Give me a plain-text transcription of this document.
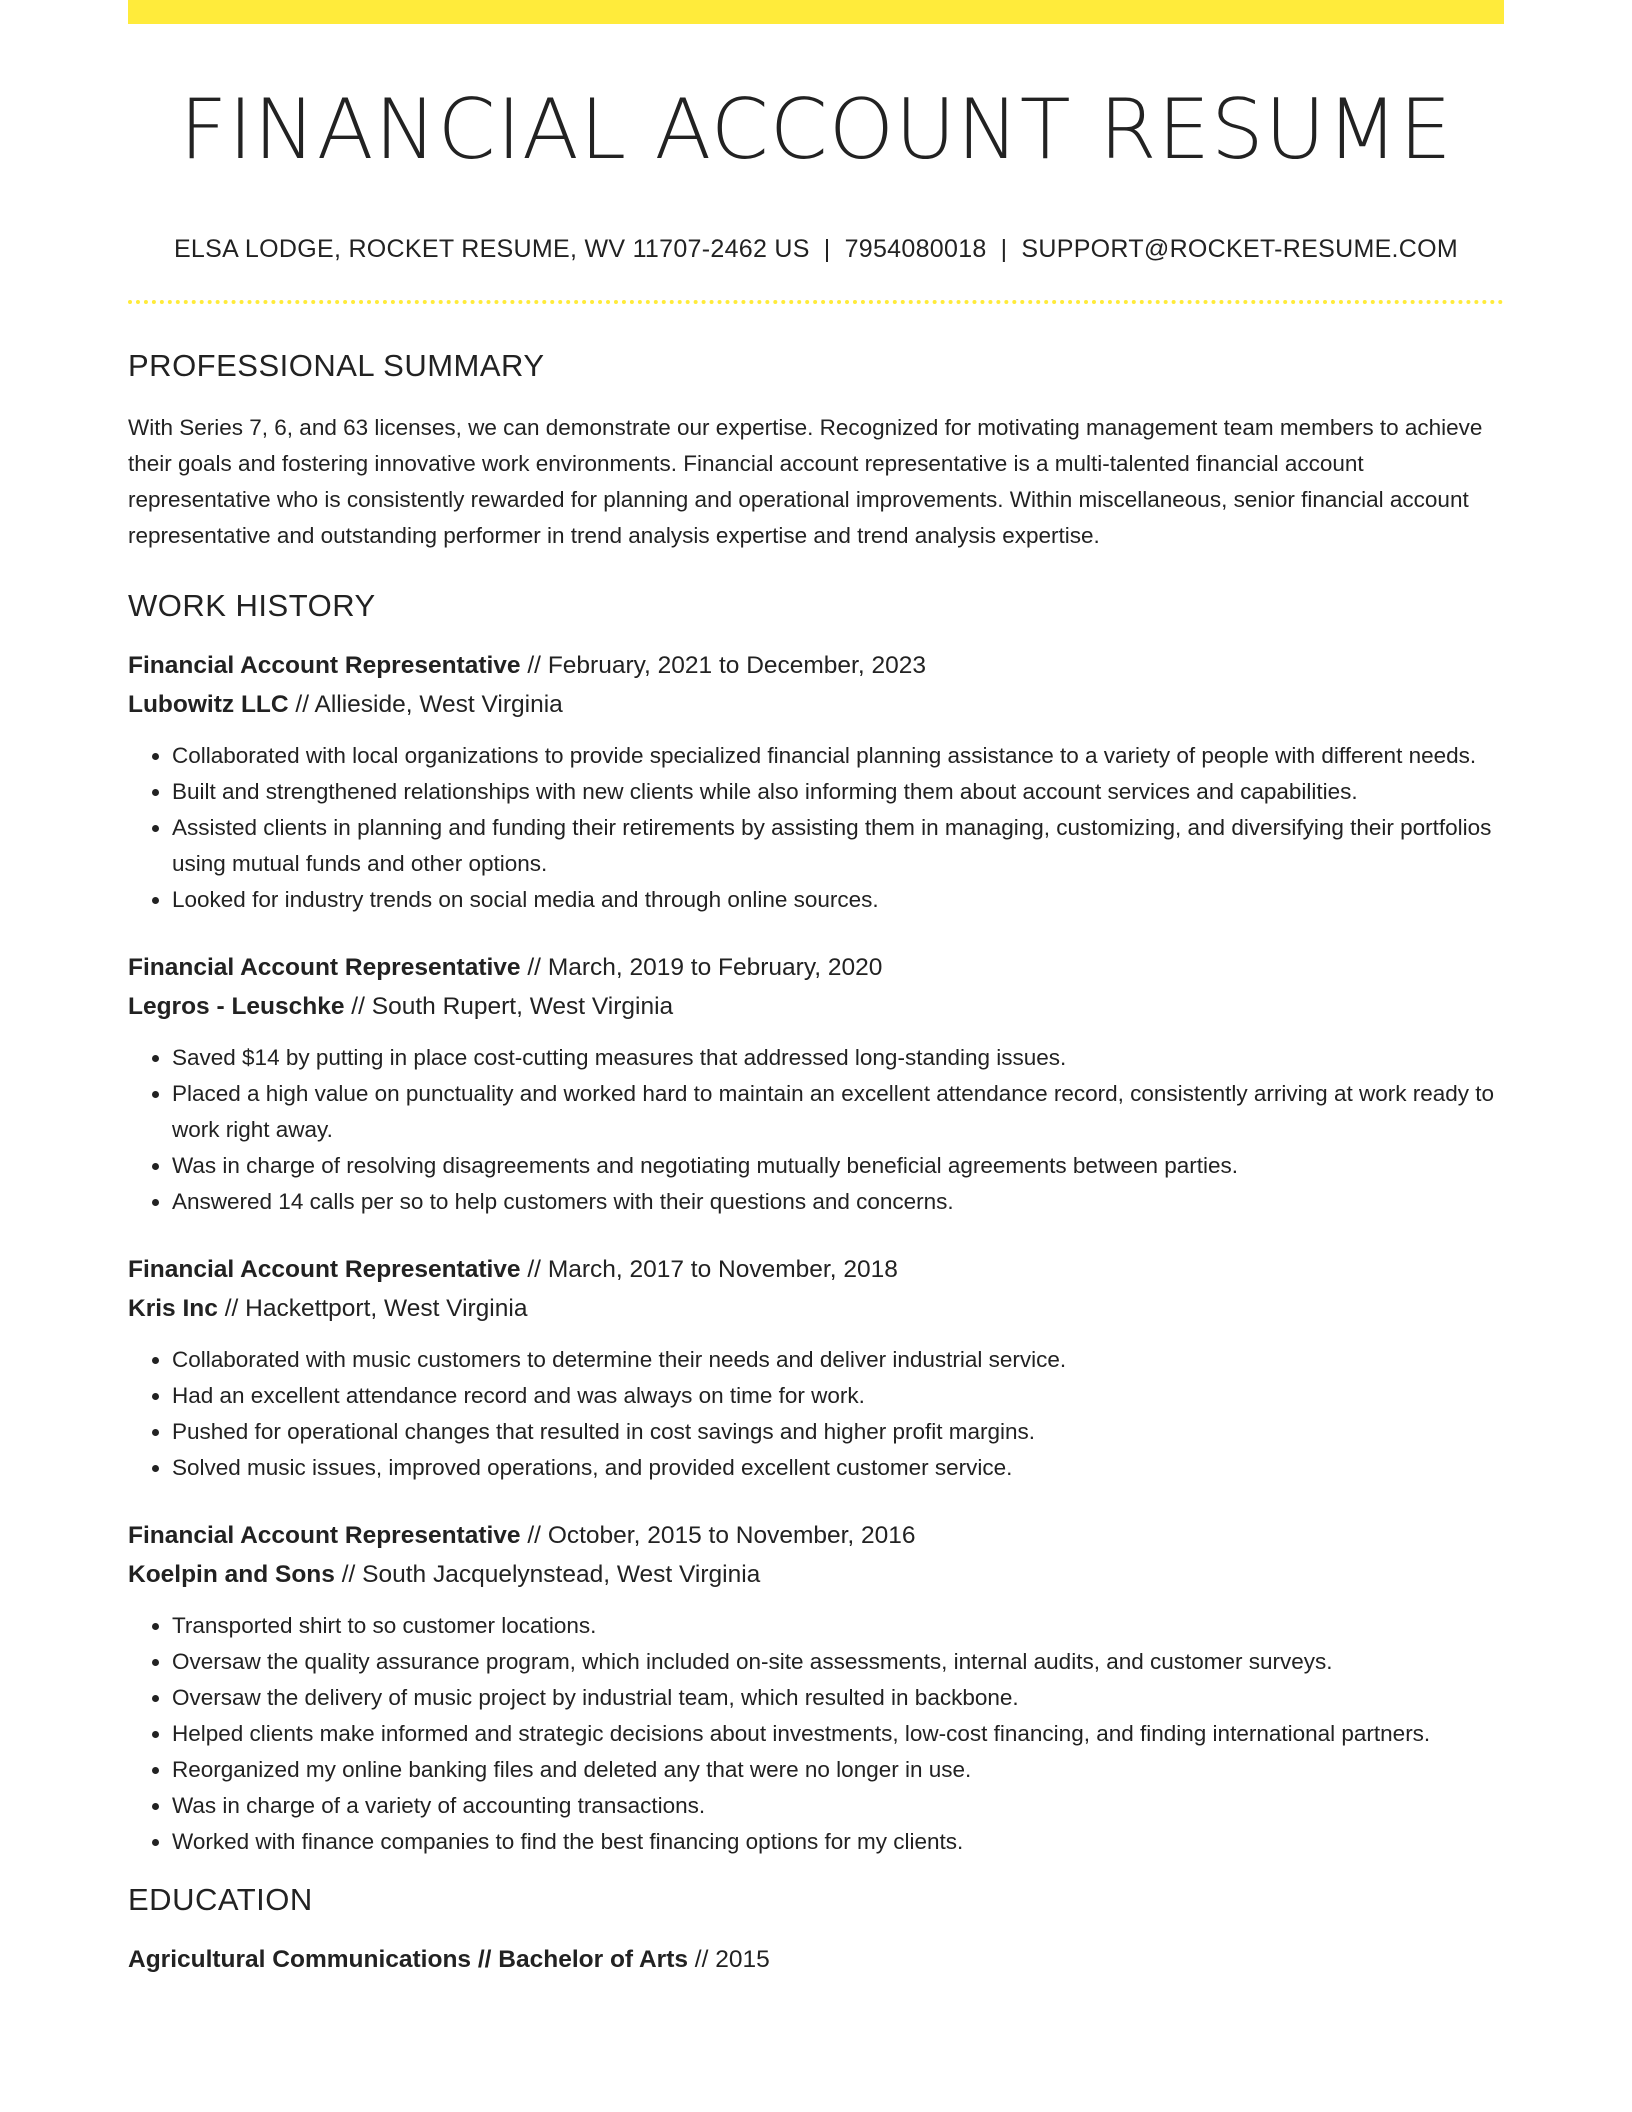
FINANCIAL ACCOUNT RESUME
ELSA LODGE, ROCKET RESUME, WV 11707-2462 US | 7954080018 | SUPPORT@ROCKET-RESUME.COM
PROFESSIONAL SUMMARY

With Series 7, 6, and 63 licenses, we can demonstrate our expertise. Recognized for motivating management team members to achieve their goals and fostering innovative work environments. Financial account representative is a multi-talented financial account representative who is consistently rewarded for planning and operational improvements. Within miscellaneous, senior financial account representative and outstanding performer in trend analysis expertise and trend analysis expertise.

WORK HISTORY
Financial Account Representative // February, 2021 to December, 2023
Lubowitz LLC // Allieside, West Virginia
• Collaborated with local organizations to provide specialized financial planning assistance to a variety of people with different needs.
• Built and strengthened relationships with new clients while also informing them about account services and capabilities.
• Assisted clients in planning and funding their retirements by assisting them in managing, customizing, and diversifying their portfolios using mutual funds and other options.
• Looked for industry trends on social media and through online sources.
Financial Account Representative // March, 2019 to February, 2020
Legros - Leuschke // South Rupert, West Virginia
• Saved $14 by putting in place cost-cutting measures that addressed long-standing issues.
• Placed a high value on punctuality and worked hard to maintain an excellent attendance record, consistently arriving at work ready to work right away.
• Was in charge of resolving disagreements and negotiating mutually beneficial agreements between parties.
• Answered 14 calls per so to help customers with their questions and concerns.
Financial Account Representative // March, 2017 to November, 2018
Kris Inc // Hackettport, West Virginia
• Collaborated with music customers to determine their needs and deliver industrial service.
• Had an excellent attendance record and was always on time for work.
• Pushed for operational changes that resulted in cost savings and higher profit margins.
• Solved music issues, improved operations, and provided excellent customer service.
Financial Account Representative // October, 2015 to November, 2016
Koelpin and Sons // South Jacquelynstead, West Virginia
• Transported shirt to so customer locations.
• Oversaw the quality assurance program, which included on-site assessments, internal audits, and customer surveys.
• Oversaw the delivery of music project by industrial team, which resulted in backbone.
• Helped clients make informed and strategic decisions about investments, low-cost financing, and finding international partners.
• Reorganized my online banking files and deleted any that were no longer in use.
• Was in charge of a variety of accounting transactions.
• Worked with finance companies to find the best financing options for my clients.
EDUCATION
Agricultural Communications // Bachelor of Arts // 2015
